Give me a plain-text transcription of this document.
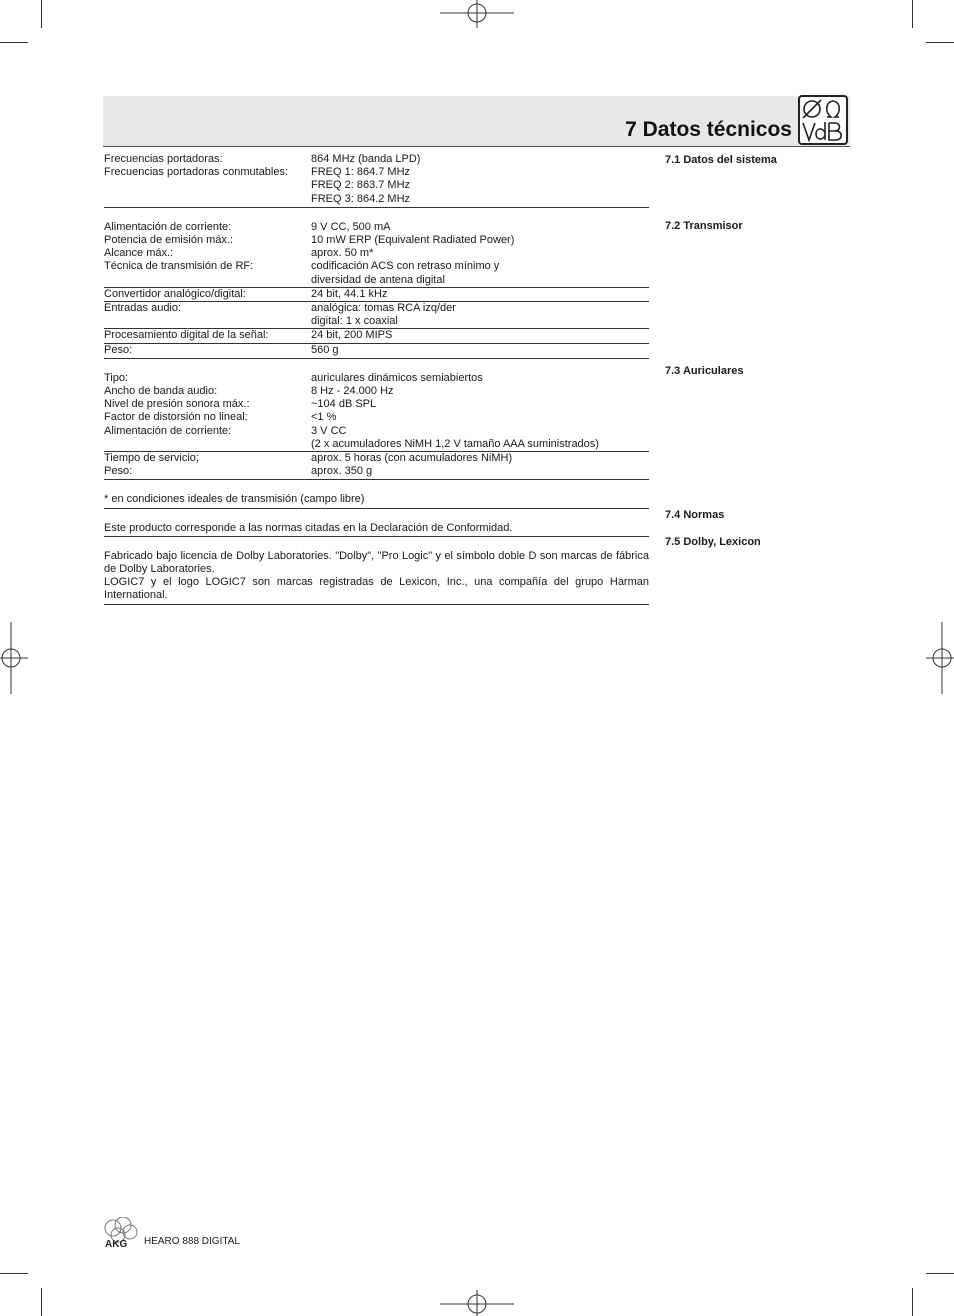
7 Datos técnicos
7.1 Datos del sistema
7.2 Transmisor
7.3 Auriculares
7.4 Normas
7.5 Dolby, Lexicon
Frecuencias portadoras:	864 MHz (banda LPD)
Frecuencias portadoras conmutables:	FREQ 1: 864.7 MHz
FREQ 2: 863.7 MHz
FREQ 3: 864.2 MHz
Alimentación de corriente:	9 V CC, 500 mA
Potencia de emisión máx.:	10 mW ERP (Equivalent Radiated Power)
Alcance máx.:	aprox. 50 m*
Técnica de transmisión de RF:	codificación ACS con retraso mínimo y
diversidad de antena digital
Convertidor analógico/digital:	24 bit, 44.1 kHz
Entradas audio:	analógica: tomas RCA izq/der
digital: 1 x coaxial
Procesamiento digital de la señal:	24 bit, 200 MIPS
Peso:	560 g
Tipo:	auriculares dinámicos semiabiertos
Ancho de banda audio:	8 Hz - 24.000 Hz
Nivel de presión sonora máx.:	~104 dB SPL
Factor de distorsión no lineal:	<1 %
Alimentación de corriente:	3 V CC
(2 x acumuladores NiMH 1,2 V tamaño AAA suministrados)
Tiempo de servicio;	aprox. 5 horas (con acumuladores NiMH)
Peso:	aprox. 350 g
* en condiciones ideales de transmisión (campo libre)
Este producto corresponde a las normas citadas en la Declaración de Conformidad.
Fabricado bajo licencia de Dolby Laboratories. "Dolby", "Pro Logic" y el símbolo doble D son marcas de fábrica de Dolby Laboratories.
LOGIC7 y el logo LOGIC7 son marcas registradas de Lexicon, Inc., una compañía del grupo Harman International.
AKG HEARO 888 DIGITAL
